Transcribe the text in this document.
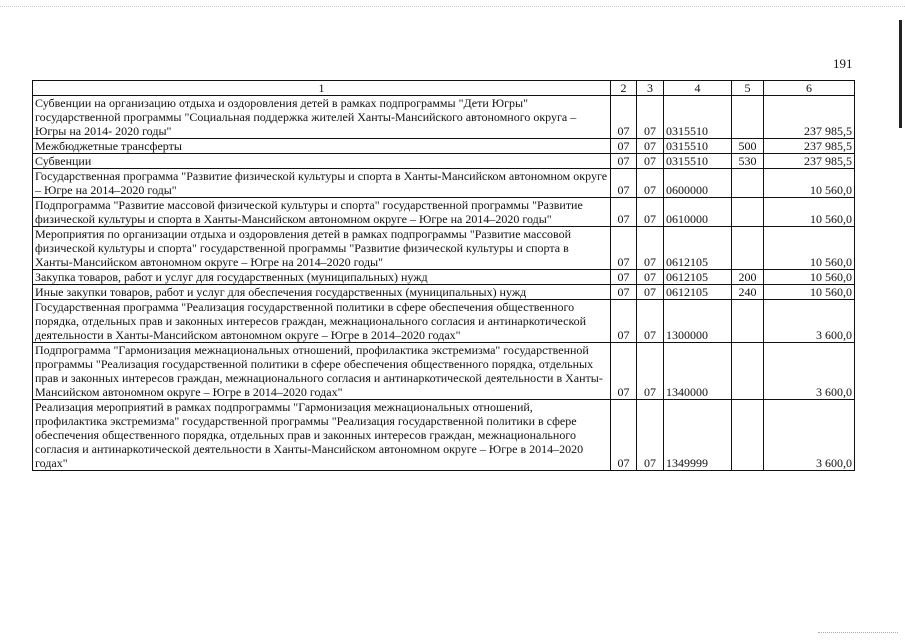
191
1	2	3	4	5	6
Субвенции на организацию отдыха и оздоровления детей в рамках подпрограммы "Дети Югры" государственной программы "Социальная поддержка жителей Ханты-Мансийского автономного округа – Югры на 2014- 2020 годы"	07	07	0315510		237 985,5
Межбюджетные трансферты	07	07	0315510	500	237 985,5
Субвенции	07	07	0315510	530	237 985,5
Государственная программа "Развитие физической культуры и спорта в Ханты-Мансийском автономном округе – Югре на 2014–2020 годы"	07	07	0600000		10 560,0
Подпрограмма "Развитие массовой физической культуры и спорта" государственной программы "Развитие физической культуры и спорта в Ханты-Мансийском автономном округе – Югре на 2014–2020 годы"	07	07	0610000		10 560,0
Мероприятия по организации отдыха и оздоровления детей в рамках подпрограммы "Развитие массовой физической культуры и спорта" государственной программы "Развитие физической культуры и спорта в Ханты-Мансийском автономном округе – Югре на 2014–2020 годы"	07	07	0612105		10 560,0
Закупка товаров, работ и услуг для государственных (муниципальных) нужд	07	07	0612105	200	10 560,0
Иные закупки товаров, работ и услуг для обеспечения государственных (муниципальных) нужд	07	07	0612105	240	10 560,0
Государственная программа "Реализация государственной политики в сфере обеспечения общественного порядка, отдельных прав и законных интересов граждан, межнационального согласия и антинаркотической деятельности в Ханты-Мансийском автономном округе – Югре в 2014–2020 годах"	07	07	1300000		3 600,0
Подпрограмма "Гармонизация межнациональных отношений, профилактика экстремизма" государственной программы "Реализация государственной политики в сфере обеспечения общественного порядка, отдельных прав и законных интересов граждан, межнационального согласия и антинаркотической деятельности в Ханты-Мансийском автономном округе – Югре в 2014–2020 годах"	07	07	1340000		3 600,0
Реализация мероприятий в рамках подпрограммы "Гармонизация межнациональных отношений, профилактика экстремизма" государственной программы "Реализация государственной политики в сфере обеспечения общественного порядка, отдельных прав и законных интересов граждан, межнационального согласия и антинаркотической деятельности в Ханты-Мансийском автономном округе – Югре в 2014–2020 годах"	07	07	1349999		3 600,0
